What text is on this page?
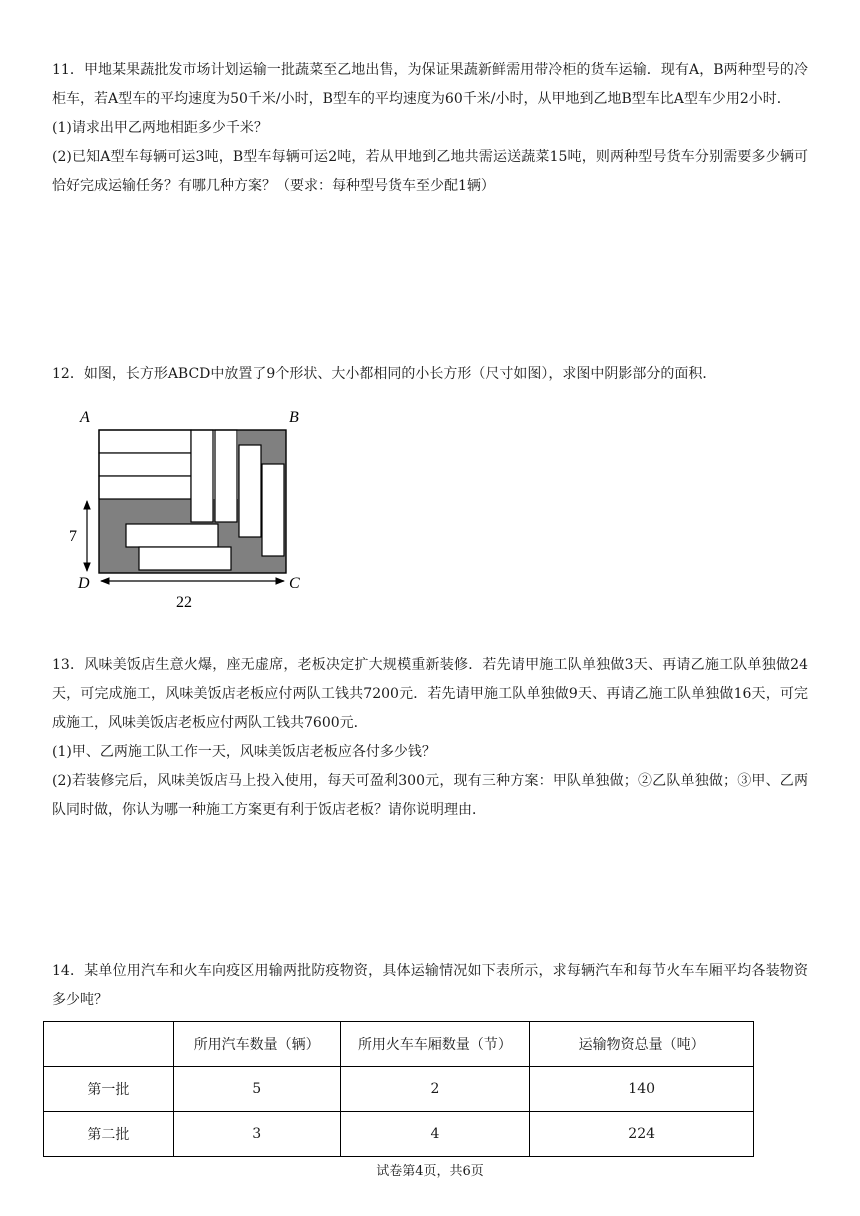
11．甲地某果蔬批发市场计划运输一批蔬菜至乙地出售，为保证果蔬新鲜需用带冷柜的货车运输．现有A，B两种型号的冷柜车，若A型车的平均速度为50千米/小时，B型车的平均速度为60千米/小时，从甲地到乙地B型车比A型车少用2小时．

(1)请求出甲乙两地相距多少千米？

(2)已知A型车每辆可运3吨，B型车每辆可运2吨，若从甲地到乙地共需运送蔬菜15吨，则两种型号货车分别需要多少辆可恰好完成运输任务？有哪几种方案？（要求：每种型号货车至少配1辆）

12．如图，长方形ABCD中放置了9个形状、大小都相同的小长方形（尺寸如图），求图中阴影部分的面积．

A	B
D	C
7
22

13．风味美饭店生意火爆，座无虚席，老板决定扩大规模重新装修．若先请甲施工队单独做3天、再请乙施工队单独做24天，可完成施工，风味美饭店老板应付两队工钱共7200元．若先请甲施工队单独做9天、再请乙施工队单独做16天，可完成施工，风味美饭店老板应付两队工钱共7600元．

(1)甲、乙两施工队工作一天，风味美饭店老板应各付多少钱？

(2)若装修完后，风味美饭店马上投入使用，每天可盈利300元，现有三种方案：甲队单独做；②乙队单独做；③甲、乙两队同时做，你认为哪一种施工方案更有利于饭店老板？请你说明理由．

14．某单位用汽车和火车向疫区用输两批防疫物资，具体运输情况如下表所示，求每辆汽车和每节火车车厢平均各装物资多少吨？

	所用汽车数量（辆）	所用火车车厢数量（节）	运输物资总量（吨）
第一批	5	2	140
第二批	3	4	224
试卷第4页，共6页
